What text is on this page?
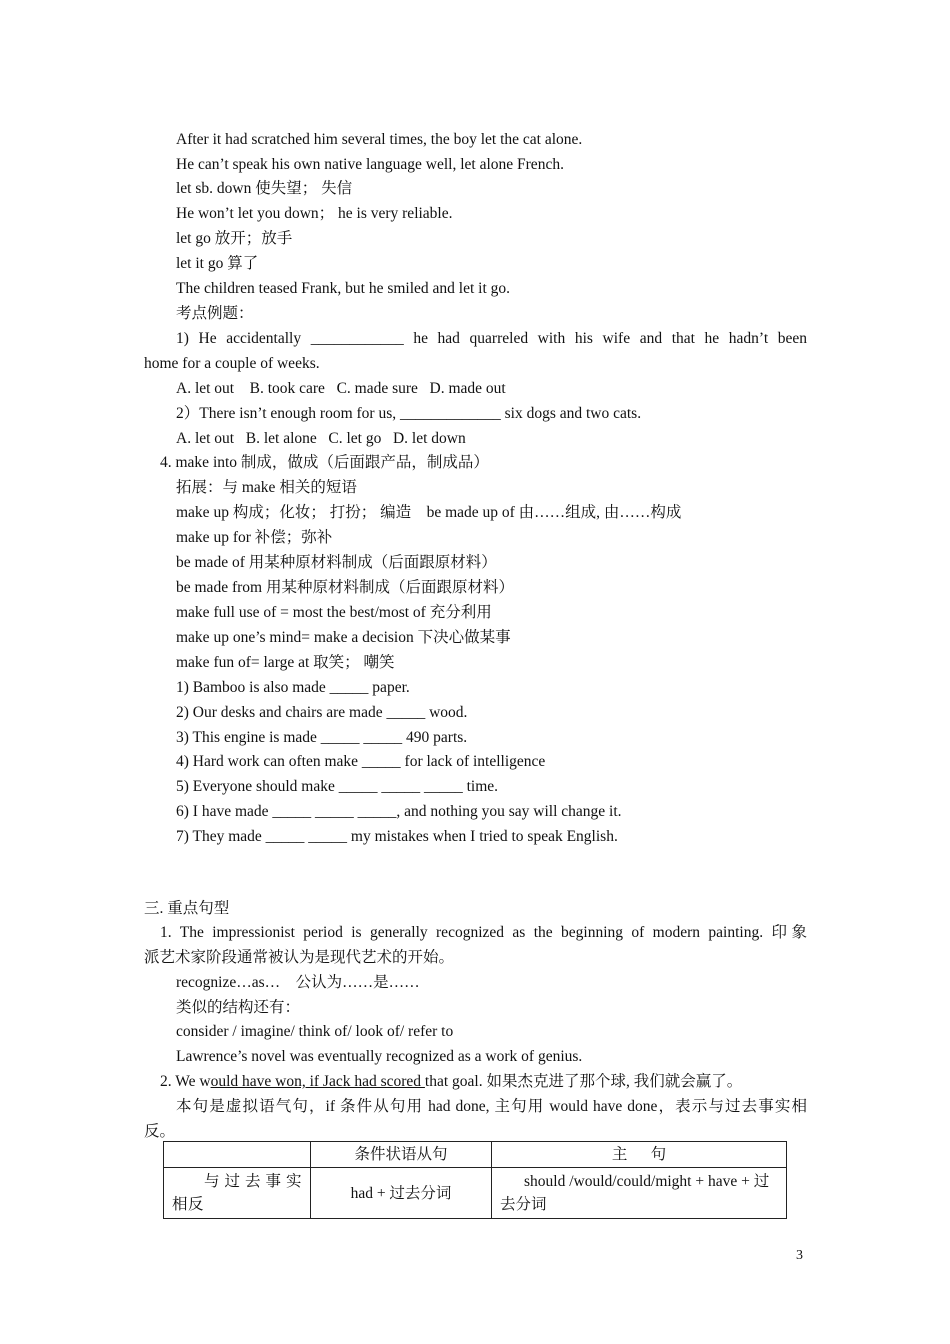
After it had scratched him several times, the boy let the cat alone.
He can’t speak his own native language well, let alone French.
let sb. down 使失望； 失信
He won’t let you down； he is very reliable.
let go 放开；放手
let it go 算了
The children teased Frank, but he smiled and let it go.
考点例题：
1) He accidentally ____________ he had quarreled with his wife and that he hadn’t been
home for a couple of weeks.
A. let out    B. took care   C. made sure   D. made out
2）There isn’t enough room for us, _____________ six dogs and two cats.
A. let out   B. let alone   C. let go   D. let down
4. make into 制成，做成（后面跟产品，制成品）
拓展：与 make 相关的短语
make up 构成；化妆； 打扮； 编造    be made up of 由……组成, 由……构成
make up for 补偿；弥补
be made of 用某种原材料制成（后面跟原材料）
be made from 用某种原材料制成（后面跟原材料）
make full use of = most the best/most of 充分利用
make up one’s mind= make a decision 下决心做某事
make fun of= large at 取笑； 嘲笑
1) Bamboo is also made _____ paper.
2) Our desks and chairs are made _____ wood.
3) This engine is made _____ _____ 490 parts.
4) Hard work can often make _____ for lack of intelligence
5) Everyone should make _____ _____ _____ time.
6) I have made _____ _____ _____, and nothing you say will change it.
7) They made _____ _____ my mistakes when I tried to speak English.
三. 重点句型
1. The impressionist period is generally recognized as the beginning of modern painting. 印象
派艺术家阶段通常被认为是现代艺术的开始。
recognize…as…    公认为……是……
类似的结构还有：
consider / imagine/ think of/ look of/ refer to
Lawrence’s novel was eventually recognized as a work of genius.
2. We would have won, if Jack had scored that goal. 如果杰克进了那个球, 我们就会赢了。
本句是虚拟语气句，if 条件从句用 had done, 主句用 would have done，表示与过去事实相
反。
	条件状语从句	主      句

与 过 去 事 实 相反	had + 过去分词	should /would/could/might + have + 过去分词
3
